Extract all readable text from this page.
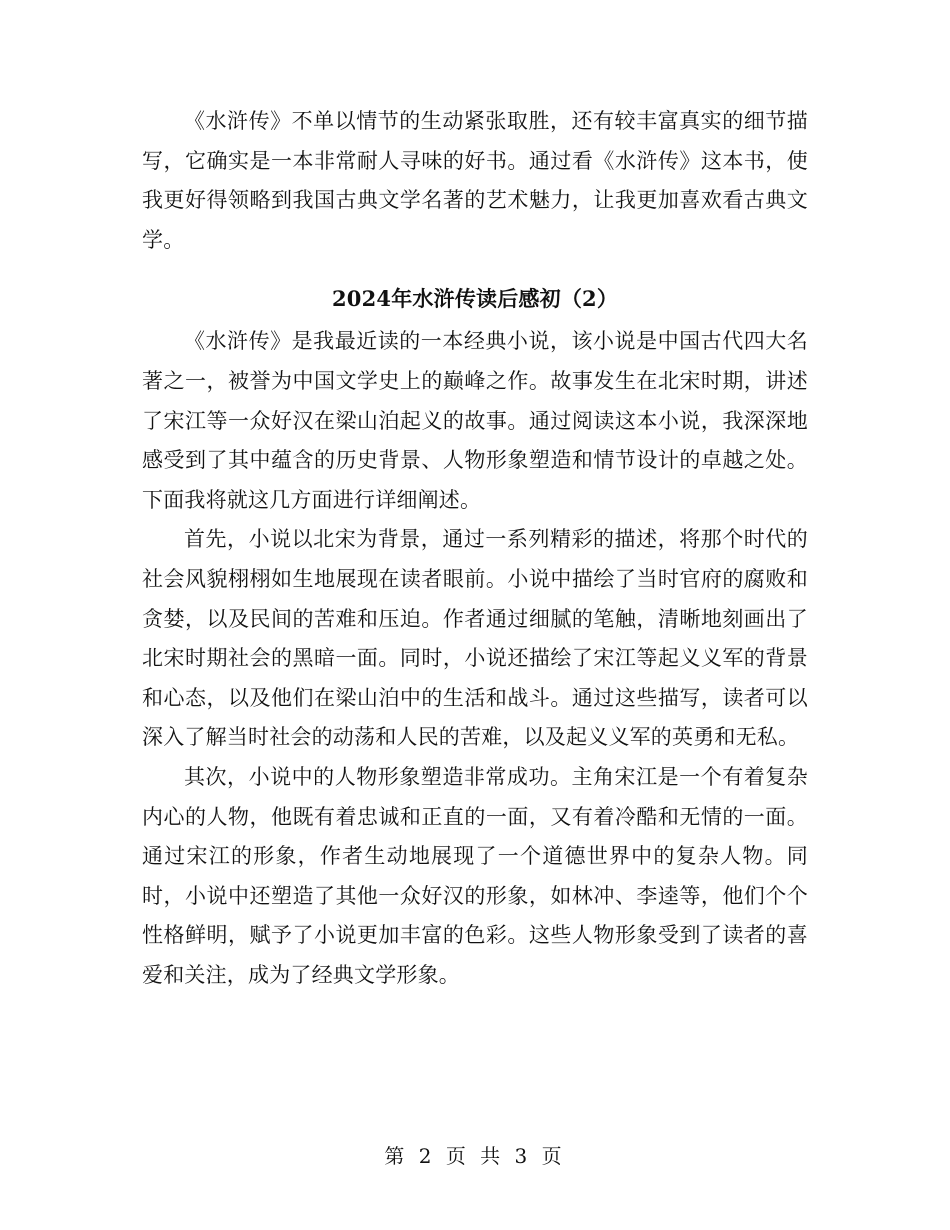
《水浒传》不单以情节的生动紧张取胜，还有较丰富真实的细节描写，它确实是一本非常耐人寻味的好书。通过看《水浒传》这本书，使我更好得领略到我国古典文学名著的艺术魅力，让我更加喜欢看古典文学。

2024年水浒传读后感初（2）

《水浒传》是我最近读的一本经典小说，该小说是中国古代四大名著之一，被誉为中国文学史上的巅峰之作。故事发生在北宋时期，讲述了宋江等一众好汉在梁山泊起义的故事。通过阅读这本小说，我深深地感受到了其中蕴含的历史背景、人物形象塑造和情节设计的卓越之处。下面我将就这几方面进行详细阐述。

首先，小说以北宋为背景，通过一系列精彩的描述，将那个时代的社会风貌栩栩如生地展现在读者眼前。小说中描绘了当时官府的腐败和贪婪，以及民间的苦难和压迫。作者通过细腻的笔触，清晰地刻画出了北宋时期社会的黑暗一面。同时，小说还描绘了宋江等起义义军的背景和心态，以及他们在梁山泊中的生活和战斗。通过这些描写，读者可以深入了解当时社会的动荡和人民的苦难，以及起义义军的英勇和无私。

其次，小说中的人物形象塑造非常成功。主角宋江是一个有着复杂内心的人物，他既有着忠诚和正直的一面，又有着冷酷和无情的一面。通过宋江的形象，作者生动地展现了一个道德世界中的复杂人物。同时，小说中还塑造了其他一众好汉的形象，如林冲、李逵等，他们个个性格鲜明，赋予了小说更加丰富的色彩。这些人物形象受到了读者的喜爱和关注，成为了经典文学形象。

第 2 页 共 3 页
